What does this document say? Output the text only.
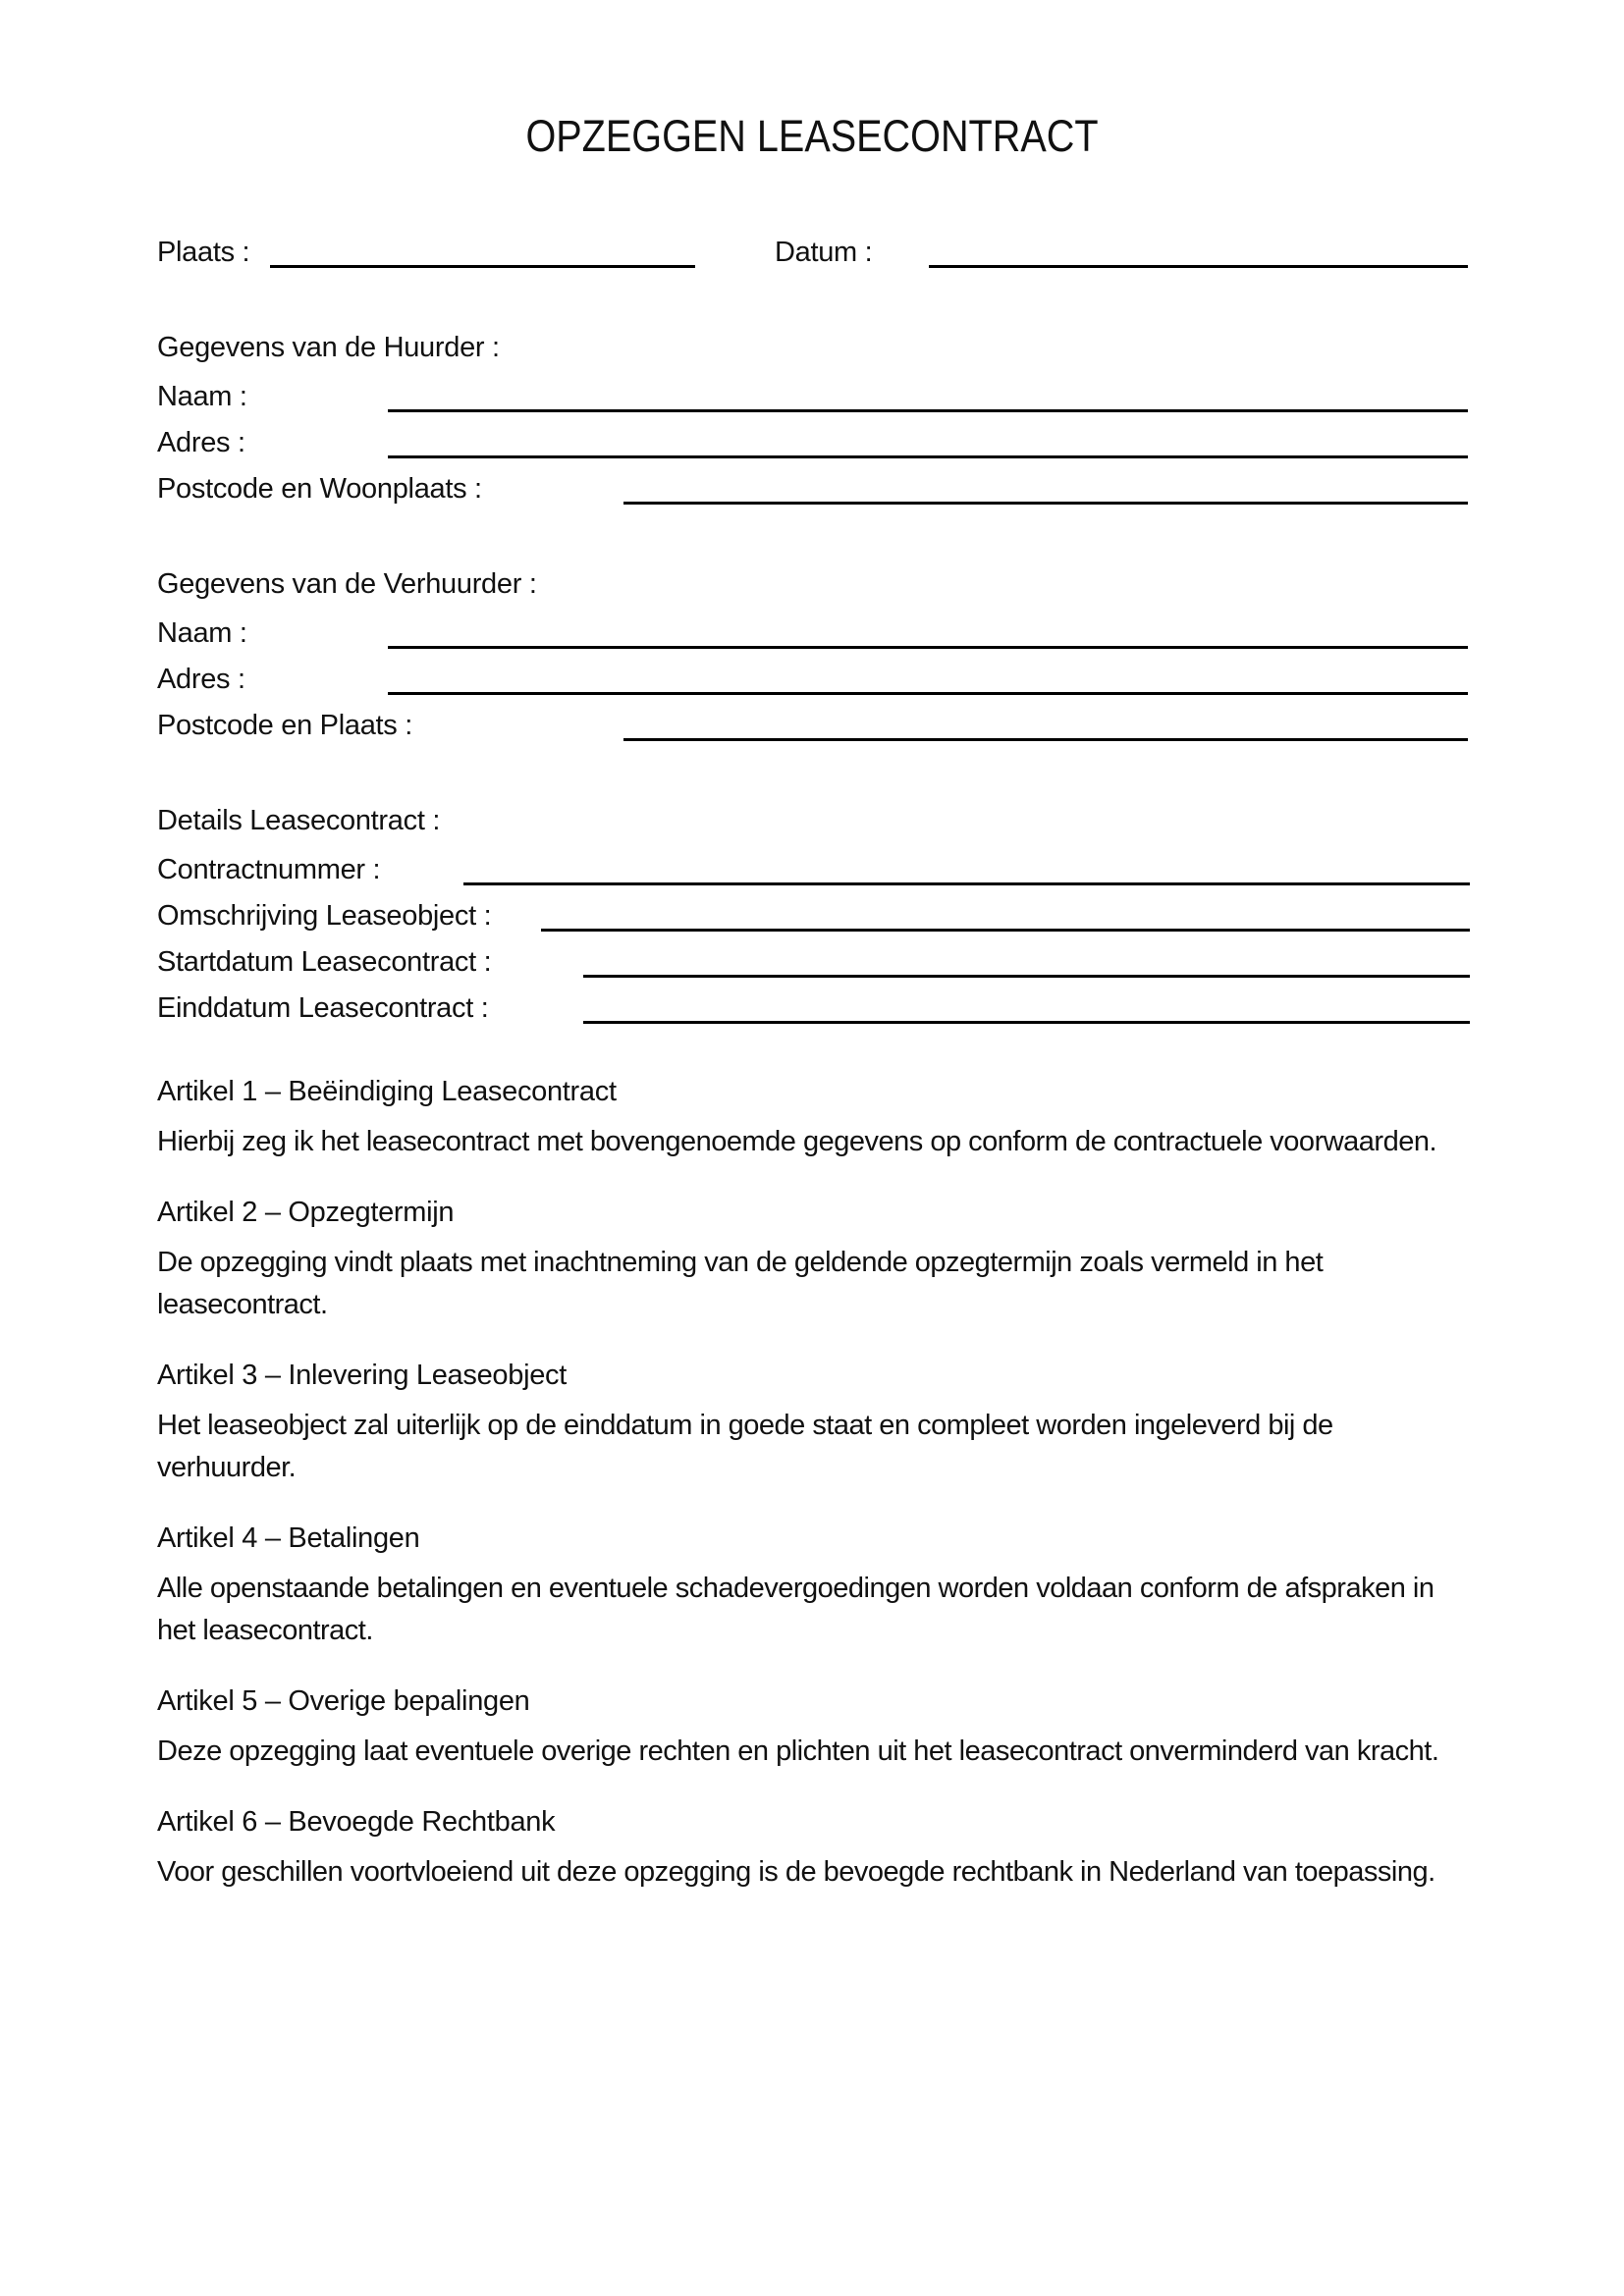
OPZEGGEN LEASECONTRACT
Plaats :	Datum :
Gegevens van de Huurder :
Naam :
Adres :
Postcode en Woonplaats :
Gegevens van de Verhuurder :
Naam :
Adres :
Postcode en Plaats :
Details Leasecontract :
Contractnummer :
Omschrijving Leaseobject :
Startdatum Leasecontract :
Einddatum Leasecontract :
Artikel 1 – Beëindiging Leasecontract

Hierbij zeg ik het leasecontract met bovengenoemde gegevens op conform de contractuele voorwaarden.

Artikel 2 – Opzegtermijn

De opzegging vindt plaats met inachtneming van de geldende opzegtermijn zoals vermeld in het leasecontract.

Artikel 3 – Inlevering Leaseobject

Het leaseobject zal uiterlijk op de einddatum in goede staat en compleet worden ingeleverd bij de verhuurder.

Artikel 4 – Betalingen

Alle openstaande betalingen en eventuele schadevergoedingen worden voldaan conform de afspraken in het leasecontract.

Artikel 5 – Overige bepalingen

Deze opzegging laat eventuele overige rechten en plichten uit het leasecontract onverminderd van kracht.

Artikel 6 – Bevoegde Rechtbank

Voor geschillen voortvloeiend uit deze opzegging is de bevoegde rechtbank in Nederland van toepassing.
